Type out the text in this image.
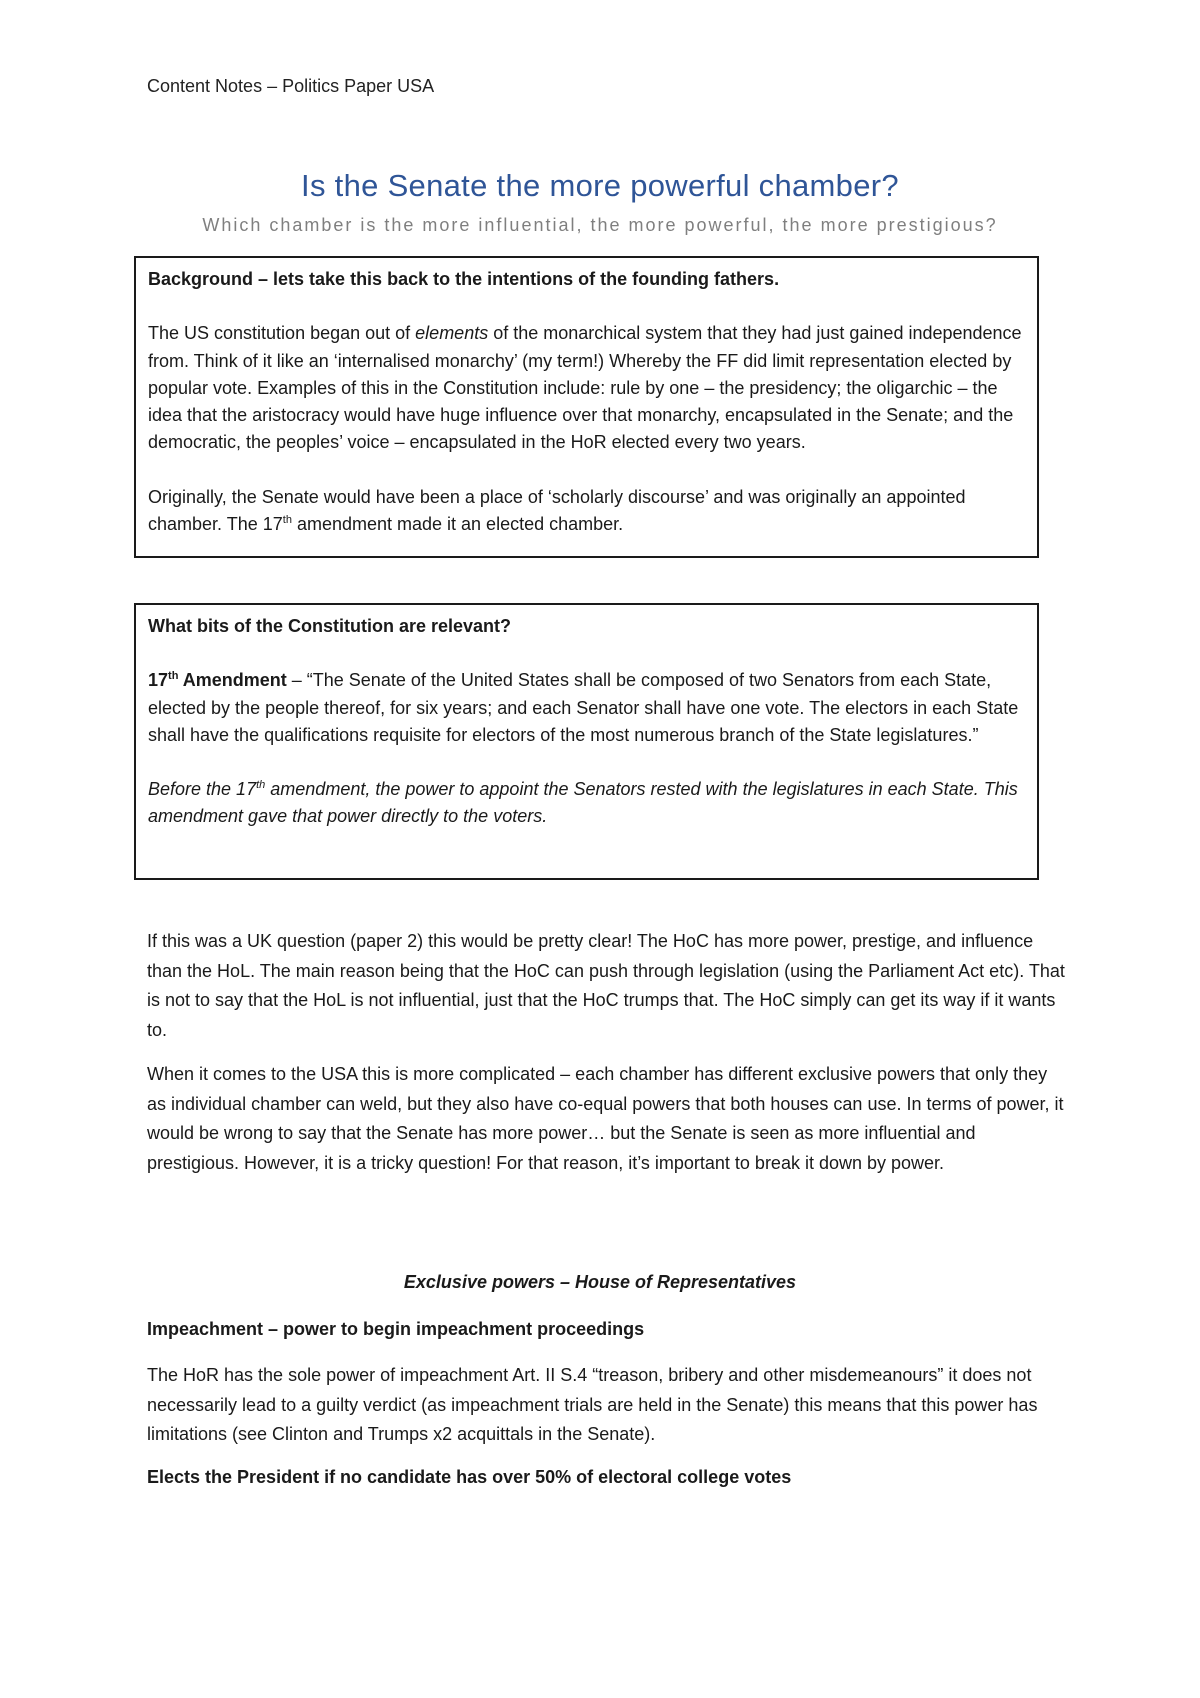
Content Notes – Politics Paper USA
Is the Senate the more powerful chamber?
Which chamber is the more influential, the more powerful, the more prestigious?

Background – lets take this back to the intentions of the founding fathers.

The US constitution began out of elements of the monarchical system that they had just gained independence from. Think of it like an ‘internalised monarchy’ (my term!) Whereby the FF did limit representation elected by popular vote. Examples of this in the Constitution include: rule by one – the presidency; the oligarchic – the idea that the aristocracy would have huge influence over that monarchy, encapsulated in the Senate; and the democratic, the peoples’ voice – encapsulated in the HoR elected every two years.

Originally, the Senate would have been a place of ‘scholarly discourse’ and was originally an appointed chamber. The 17th amendment made it an elected chamber.

What bits of the Constitution are relevant?

17th Amendment – “The Senate of the United States shall be composed of two Senators from each State, elected by the people thereof, for six years; and each Senator shall have one vote. The electors in each State shall have the qualifications requisite for electors of the most numerous branch of the State legislatures.”

Before the 17th amendment, the power to appoint the Senators rested with the legislatures in each State. This amendment gave that power directly to the voters.

If this was a UK question (paper 2) this would be pretty clear! The HoC has more power, prestige, and influence than the HoL. The main reason being that the HoC can push through legislation (using the Parliament Act etc). That is not to say that the HoL is not influential, just that the HoC trumps that. The HoC simply can get its way if it wants to.

When it comes to the USA this is more complicated – each chamber has different exclusive powers that only they as individual chamber can weld, but they also have co-equal powers that both houses can use. In terms of power, it would be wrong to say that the Senate has more power… but the Senate is seen as more influential and prestigious. However, it is a tricky question! For that reason, it’s important to break it down by power.

Exclusive powers – House of Representatives
Impeachment – power to begin impeachment proceedings

The HoR has the sole power of impeachment Art. II S.4 “treason, bribery and other misdemeanours” it does not necessarily lead to a guilty verdict (as impeachment trials are held in the Senate) this means that this power has limitations (see Clinton and Trumps x2 acquittals in the Senate).

Elects the President if no candidate has over 50% of electoral college votes
